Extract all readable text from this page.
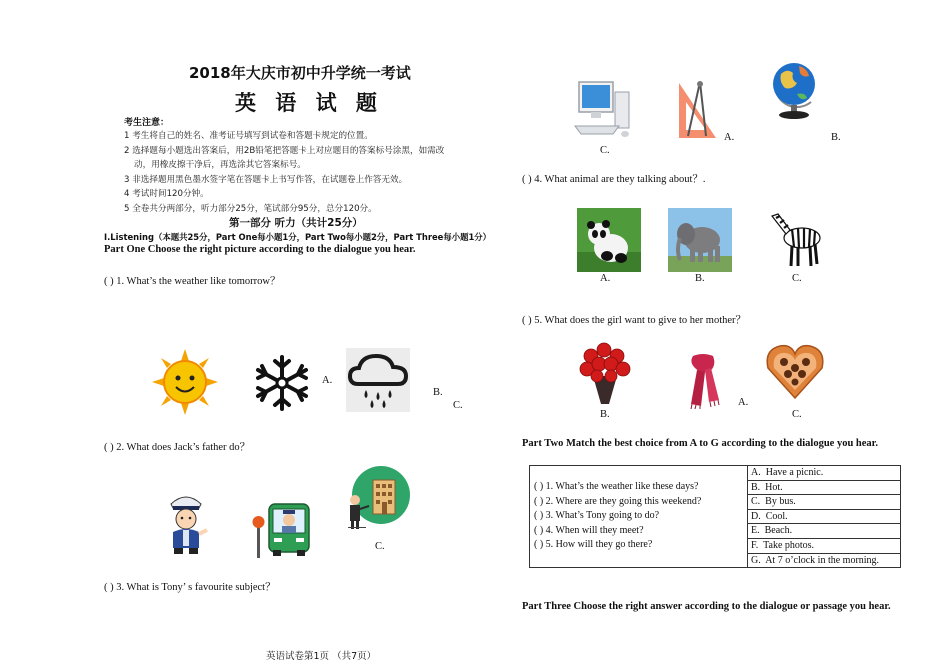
2018年大庆市初中升学统一考试
英 语 试 题
考生注意：
1 考生将自己的姓名、准考证号填写到试卷和答题卡规定的位置。
2 选择题每小题选出答案后，用2B铅笔把答题卡上对应题目的答案标号涂黑，如需改
动，用橡皮擦干净后，再选涂其它答案标号。
3 非选择题用黑色墨水签字笔在答题卡上书写作答，在试题卷上作答无效。
4 考试时间120分钟。
5 全卷共分两部分，听力部分25分，笔试部分95分，总分120分。
第一部分 听力（共计25分）
I.Listening（本题共25分，Part One每小题1分，Part Two每小题2分，Part Three每小题1分）
Part One Choose the right picture according to the dialogue you hear.
( ) 1. What’s the weather like tomorrow？
A.
B.
C.
( ) 2. What does Jack’s father do？
C.
( ) 3. What is Tony’ s favourite subject？
英语试卷第1页 （共7页）
C.
A.	B.
( ) 4. What animal are they talking about？.
A.	B.	C.
( ) 5. What does the girl want to give to her mother？
B.
A.
C.
Part Two Match the best choice from A to G according to the dialogue you hear.
( ) 1. What’s the weather like these days?
( ) 2. Where are they going this weekend?
( ) 3. What’s Tony going to do?
( ) 4. When will they meet?
( ) 5. How will they go there?
	A. Have a picnic.
B. Hot.
C. By bus.
D. Cool.
E. Beach.
F. Take photos.
G. At 7 o’clock in the morning.
Part Three Choose the right answer according to the dialogue or passage you hear.
